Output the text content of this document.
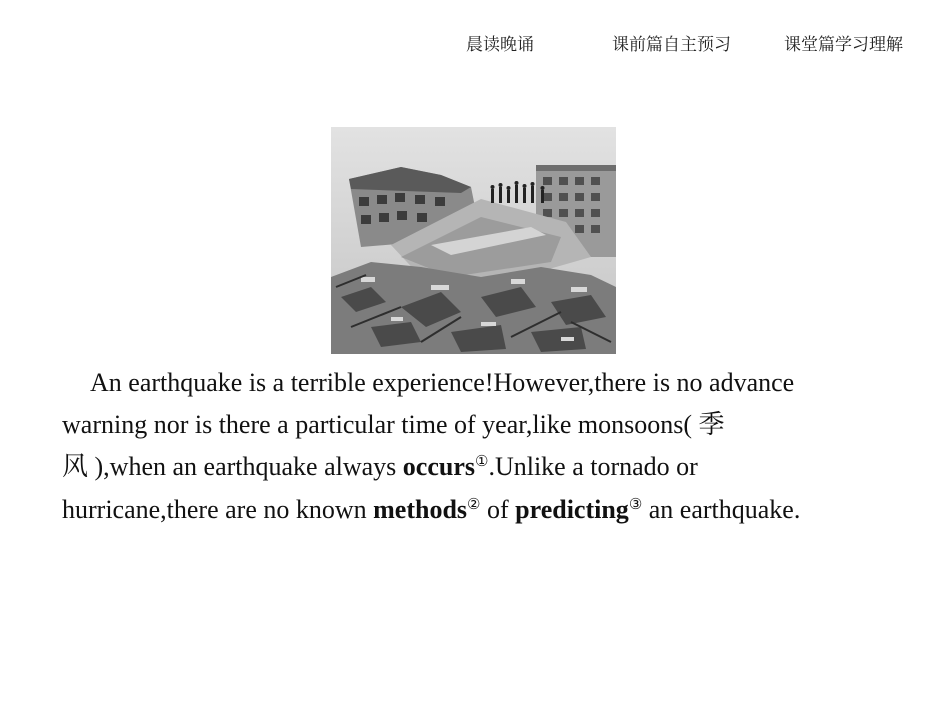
晨读晚诵	课前篇自主预习	课堂篇学习理解
An earthquake is a terrible experience!However,there is no advance
warning nor is there a particular time of year,like monsoons( 季
风 ),when an earthquake always occurs①.Unlike a tornado or
hurricane,there are no known methods② of predicting③ an earthquake.
